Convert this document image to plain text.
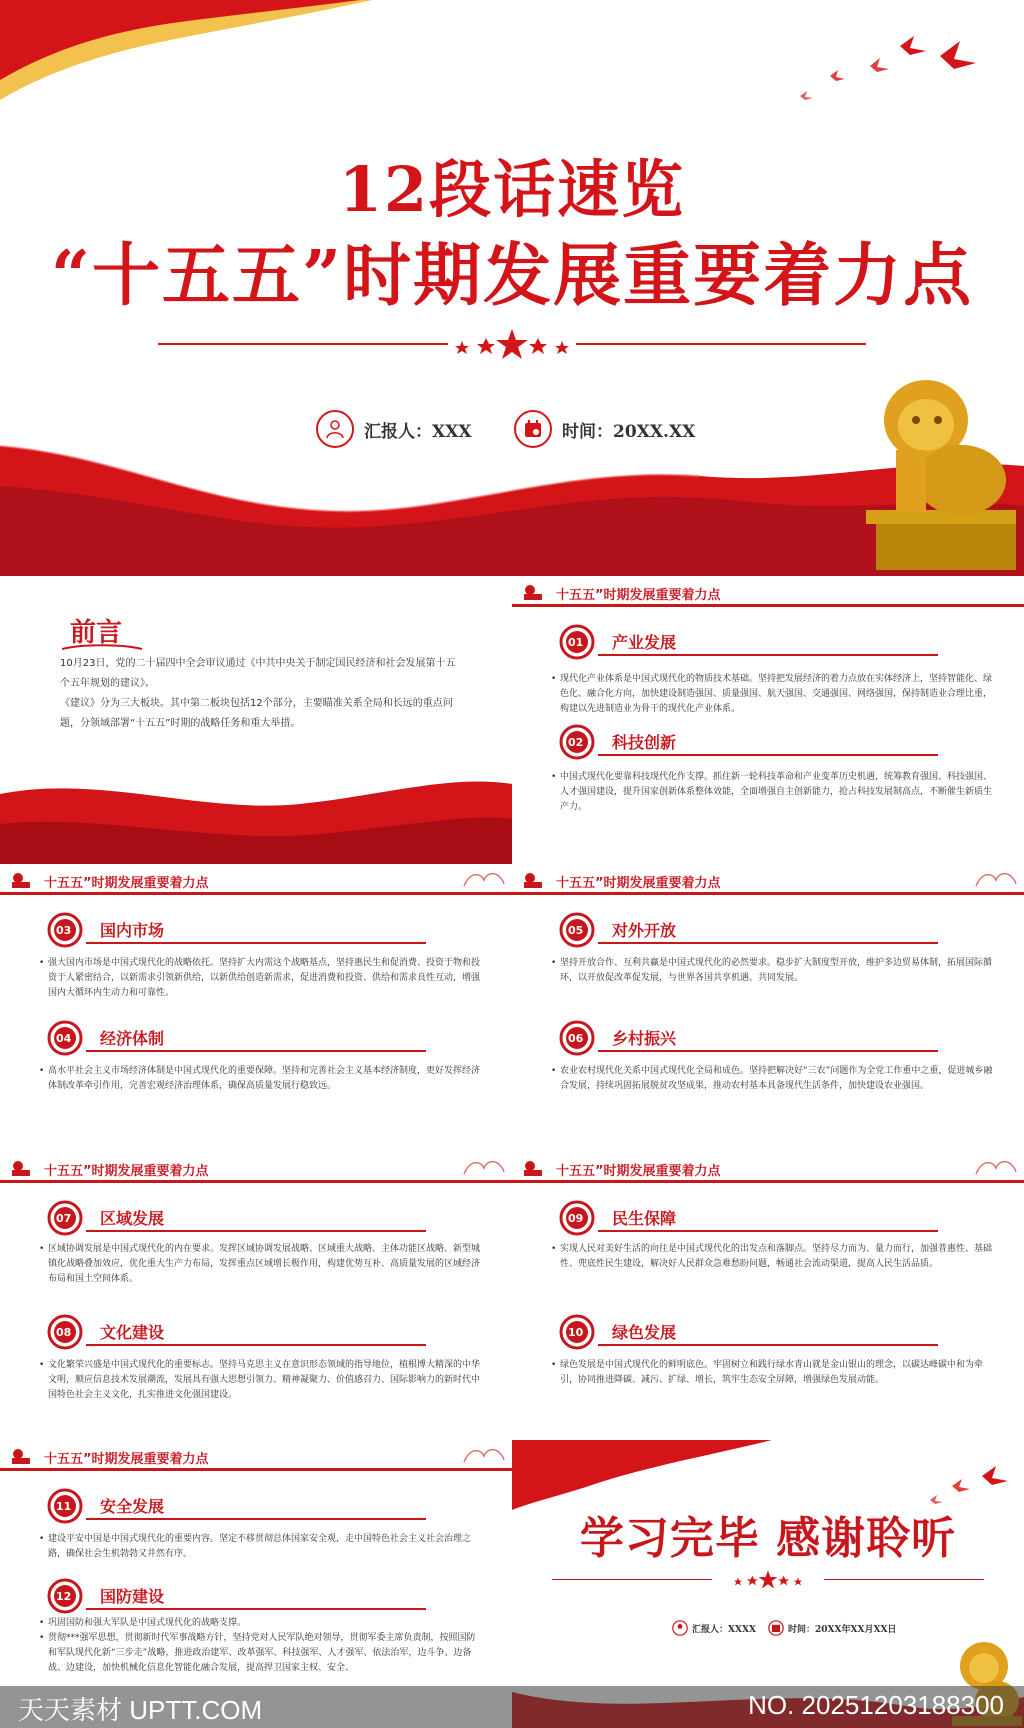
12段话速览
“十五五”时期发展重要着力点
汇报人：XXX	时间：20XX.XX
前言

10月23日，党的二十届四中全会审议通过《中共中央关于制定国民经济和社会发展第十五个五年规划的建议》。

《建议》分为三大板块。其中第二板块包括12个部分，主要瞄准关系全局和长远的重点问题，分领域部署“十五五”时期的战略任务和重大举措。

十五五”时期发展重要着力点
01 产业发展

• 现代化产业体系是中国式现代化的物质技术基础。坚持把发展经济的着力点放在实体经济上，坚持智能化、绿色化、融合化方向，加快建设制造强国、质量强国、航天强国、交通强国、网络强国，保持制造业合理比重，构建以先进制造业为骨干的现代化产业体系。

02 科技创新

• 中国式现代化要靠科技现代化作支撑。抓住新一轮科技革命和产业变革历史机遇，统筹教育强国、科技强国、人才强国建设，提升国家创新体系整体效能，全面增强自主创新能力，抢占科技发展制高点，不断催生新质生产力。

十五五”时期发展重要着力点
03 国内市场

• 强大国内市场是中国式现代化的战略依托。坚持扩大内需这个战略基点，坚持惠民生和促消费、投资于物和投资于人紧密结合，以新需求引领新供给，以新供给创造新需求，促进消费和投资、供给和需求良性互动，增强国内大循环内生动力和可靠性。

04 经济体制

• 高水平社会主义市场经济体制是中国式现代化的重要保障。坚持和完善社会主义基本经济制度，更好发挥经济体制改革牵引作用，完善宏观经济治理体系，确保高质量发展行稳致远。

十五五”时期发展重要着力点
05 对外开放

• 坚持开放合作、互利共赢是中国式现代化的必然要求。稳步扩大制度型开放，维护多边贸易体制，拓展国际循环，以开放促改革促发展，与世界各国共享机遇、共同发展。

06 乡村振兴

• 农业农村现代化关系中国式现代化全局和成色。坚持把解决好“三农”问题作为全党工作重中之重，促进城乡融合发展，持续巩固拓展脱贫攻坚成果，推动农村基本具备现代生活条件，加快建设农业强国。

十五五”时期发展重要着力点
07 区域发展

• 区域协调发展是中国式现代化的内在要求。发挥区域协调发展战略、区域重大战略、主体功能区战略、新型城镇化战略叠加效应，优化重大生产力布局，发挥重点区域增长极作用，构建优势互补、高质量发展的区域经济布局和国土空间体系。

08 文化建设

• 文化繁荣兴盛是中国式现代化的重要标志。坚持马克思主义在意识形态领域的指导地位，植根博大精深的中华文明，顺应信息技术发展潮流，发展具有强大思想引领力、精神凝聚力、价值感召力、国际影响力的新时代中国特色社会主义文化，扎实推进文化强国建设。

十五五”时期发展重要着力点
09 民生保障

• 实现人民对美好生活的向往是中国式现代化的出发点和落脚点。坚持尽力而为、量力而行，加强普惠性、基础性、兜底性民生建设，解决好人民群众急难愁盼问题，畅通社会流动渠道，提高人民生活品质。

10 绿色发展

• 绿色发展是中国式现代化的鲜明底色。牢固树立和践行绿水青山就是金山银山的理念，以碳达峰碳中和为牵引，协同推进降碳、减污、扩绿、增长，筑牢生态安全屏障，增强绿色发展动能。

十五五”时期发展重要着力点
11 安全发展

• 建设平安中国是中国式现代化的重要内容。坚定不移贯彻总体国家安全观，走中国特色社会主义社会治理之路，确保社会生机勃勃又井然有序。

12 国防建设

• 巩固国防和强大军队是中国式现代化的战略支撑。

• 贯彻***强军思想，贯彻新时代军事战略方针，坚持党对人民军队绝对领导，贯彻军委主席负责制，按照国防和军队现代化新“三步走”战略，推进政治建军、改革强军、科技强军、人才强军、依法治军，边斗争、边备战、边建设，加快机械化信息化智能化融合发展，提高捍卫国家主权、安全、

学习完毕 感谢聆听
汇报人：XXXX	时间：20XX年XX月XX日
天天素材 UPTT.COM	NO. 20251203188300
